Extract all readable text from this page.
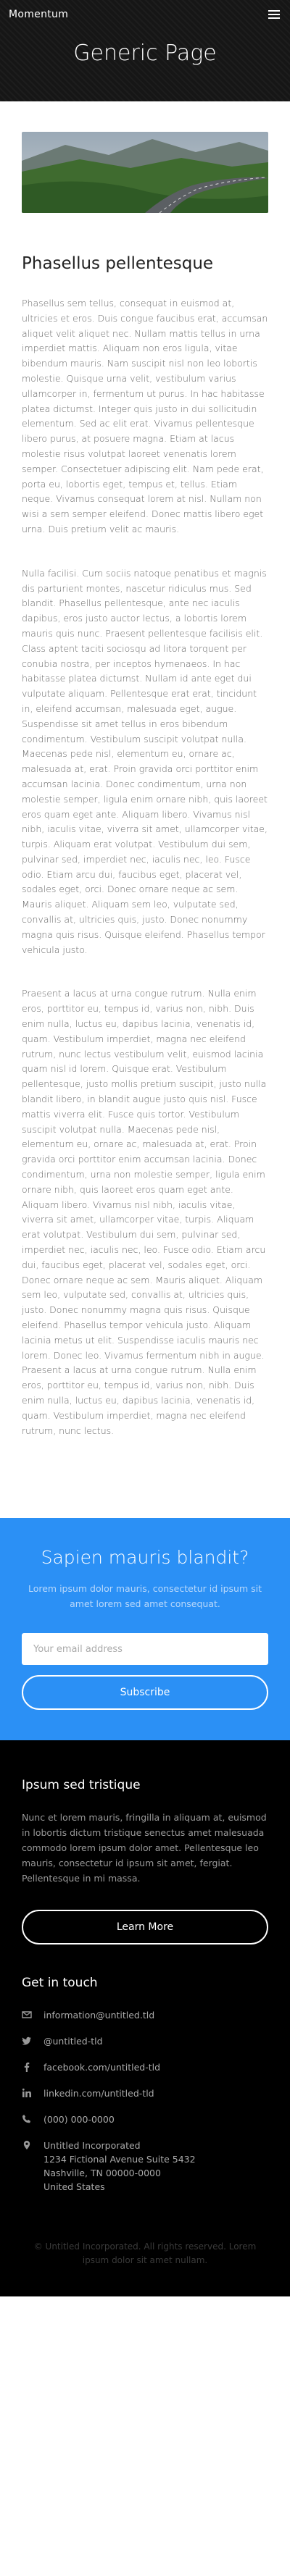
Momentum
Generic Page
Phasellus pellentesque

Phasellus sem tellus, consequat in euismod at, ultricies et eros. Duis congue faucibus erat, accumsan aliquet velit aliquet nec. Nullam mattis tellus in urna imperdiet mattis. Aliquam non eros ligula, vitae bibendum mauris. Nam suscipit nisl non leo lobortis molestie. Quisque urna velit, vestibulum varius ullamcorper in, fermentum ut purus. In hac habitasse platea dictumst. Integer quis justo in dui sollicitudin elementum. Sed ac elit erat. Vivamus pellentesque libero purus, at posuere magna. Etiam at lacus molestie risus volutpat laoreet venenatis lorem semper. Consectetuer adipiscing elit. Nam pede erat, porta eu, lobortis eget, tempus et, tellus. Etiam neque. Vivamus consequat lorem at nisl. Nullam non wisi a sem semper eleifend. Donec mattis libero eget urna. Duis pretium velit ac mauris.

Nulla facilisi. Cum sociis natoque penatibus et magnis dis parturient montes, nascetur ridiculus mus. Sed blandit. Phasellus pellentesque, ante nec iaculis dapibus, eros justo auctor lectus, a lobortis lorem mauris quis nunc. Praesent pellentesque facilisis elit. Class aptent taciti sociosqu ad litora torquent per conubia nostra, per inceptos hymenaeos. In hac habitasse platea dictumst. Nullam id ante eget dui vulputate aliquam. Pellentesque erat erat, tincidunt in, eleifend accumsan, malesuada eget, augue. Suspendisse sit amet tellus in eros bibendum condimentum. Vestibulum suscipit volutpat nulla. Maecenas pede nisl, elementum eu, ornare ac, malesuada at, erat. Proin gravida orci porttitor enim accumsan lacinia. Donec condimentum, urna non molestie semper, ligula enim ornare nibh, quis laoreet eros quam eget ante. Aliquam libero. Vivamus nisl nibh, iaculis vitae, viverra sit amet, ullamcorper vitae, turpis. Aliquam erat volutpat. Vestibulum dui sem, pulvinar sed, imperdiet nec, iaculis nec, leo. Fusce odio. Etiam arcu dui, faucibus eget, placerat vel, sodales eget, orci. Donec ornare neque ac sem. Mauris aliquet. Aliquam sem leo, vulputate sed, convallis at, ultricies quis, justo. Donec nonummy magna quis risus. Quisque eleifend. Phasellus tempor vehicula justo.

Praesent a lacus at urna congue rutrum. Nulla enim eros, porttitor eu, tempus id, varius non, nibh. Duis enim nulla, luctus eu, dapibus lacinia, venenatis id, quam. Vestibulum imperdiet, magna nec eleifend rutrum, nunc lectus vestibulum velit, euismod lacinia quam nisl id lorem. Quisque erat. Vestibulum pellentesque, justo mollis pretium suscipit, justo nulla blandit libero, in blandit augue justo quis nisl. Fusce mattis viverra elit. Fusce quis tortor. Vestibulum suscipit volutpat nulla. Maecenas pede nisl, elementum eu, ornare ac, malesuada at, erat. Proin gravida orci porttitor enim accumsan lacinia. Donec condimentum, urna non molestie semper, ligula enim ornare nibh, quis laoreet eros quam eget ante. Aliquam libero. Vivamus nisl nibh, iaculis vitae, viverra sit amet, ullamcorper vitae, turpis. Aliquam erat volutpat. Vestibulum dui sem, pulvinar sed, imperdiet nec, iaculis nec, leo. Fusce odio. Etiam arcu dui, faucibus eget, placerat vel, sodales eget, orci. Donec ornare neque ac sem. Mauris aliquet. Aliquam sem leo, vulputate sed, convallis at, ultricies quis, justo. Donec nonummy magna quis risus. Quisque eleifend. Phasellus tempor vehicula justo. Aliquam lacinia metus ut elit. Suspendisse iaculis mauris nec lorem. Donec leo. Vivamus fermentum nibh in augue. Praesent a lacus at urna congue rutrum. Nulla enim eros, porttitor eu, tempus id, varius non, nibh. Duis enim nulla, luctus eu, dapibus lacinia, venenatis id, quam. Vestibulum imperdiet, magna nec eleifend rutrum, nunc lectus.

Sapien mauris blandit?

Lorem ipsum dolor mauris, consectetur id ipsum sit amet lorem sed amet consequat.

Your email address Subscribe
Ipsum sed tristique

Nunc et lorem mauris, fringilla in aliquam at, euismod in lobortis dictum tristique senectus amet malesuada commodo lorem ipsum dolor amet. Pellentesque leo mauris, consectetur id ipsum sit amet, fergiat. Pellentesque in mi massa.

Learn More
Get in touch
information@untitled.tld
@untitled-tld
facebook.com/untitled-tld
linkedin.com/untitled-tld
(000) 000-0000
Untitled Incorporated
1234 Fictional Avenue Suite 5432
Nashville, TN 00000-0000
United States

© Untitled Incorporated. All rights reserved. Lorem ipsum dolor sit amet nullam.
